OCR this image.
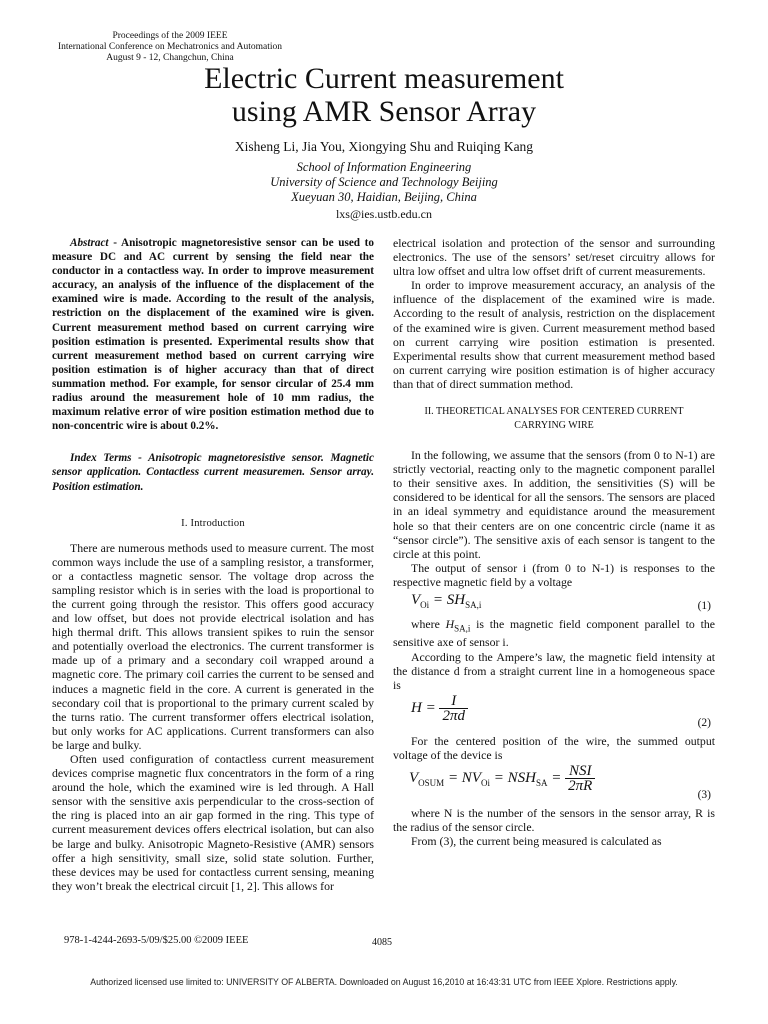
Proceedings of the 2009 IEEE
International Conference on Mechatronics and Automation
August 9 - 12, Changchun, China
Electric Current measurement
using AMR Sensor Array
Xisheng Li, Jia You, Xiongying Shu and Ruiqing Kang
School of Information Engineering
University of Science and Technology Beijing
Xueyuan 30, Haidian, Beijing, China
lxs@ies.ustb.edu.cn

Abstract - Anisotropic magnetoresistive sensor can be used to measure DC and AC current by sensing the field near the conductor in a contactless way. In order to improve measurement accuracy, an analysis of the influence of the displacement of the examined wire is made. According to the result of the analysis, restriction on the displacement of the examined wire is given. Current measurement method based on current carrying wire position estimation is presented. Experimental results show that current measurement method based on current carrying wire position estimation is of higher accuracy than that of direct summation method. For example, for sensor circular of 25.4 mm radius around the measurement hole of 10 mm radius, the maximum relative error of wire position estimation method due to non-concentric wire is about 0.2%.

Index Terms - Anisotropic magnetoresistive sensor. Magnetic sensor application. Contactless current measuremen. Sensor array. Position estimation.

I. Introduction

There are numerous methods used to measure current. The most common ways include the use of a sampling resistor, a transformer, or a contactless magnetic sensor. The voltage drop across the sampling resistor which is in series with the load is proportional to the current going through the resistor. This offers good accuracy and low offset, but does not provide electrical isolation and has high thermal drift. This allows transient spikes to ruin the sensor and potentially overload the electronics. The current transformer is made up of a primary and a secondary coil wrapped around a magnetic core. The primary coil carries the current to be sensed and induces a magnetic field in the core. A current is generated in the secondary coil that is proportional to the primary current scaled by the turns ratio. The current transformer offers electrical isolation, but only works for AC applications. Current transformers can also be large and bulky.

Often used configuration of contactless current measurement devices comprise magnetic flux concentrators in the form of a ring around the hole, which the examined wire is led through. A Hall sensor with the sensitive axis perpendicular to the cross-section of the ring is placed into an air gap formed in the ring. This type of current measurement devices offers electrical isolation, but can also be large and bulky. Anisotropic Magneto-Resistive (AMR) sensors offer a high sensitivity, small size, solid state solution. Further, these devices may be used for contactless current sensing, meaning they won’t break the electrical circuit [1, 2]. This allows for

electrical isolation and protection of the sensor and surrounding electronics. The use of the sensors’ set/reset circuitry allows for ultra low offset and ultra low offset drift of current measurements.

In order to improve measurement accuracy, an analysis of the influence of the displacement of the examined wire is made. According to the result of analysis, restriction on the displacement of the examined wire is given. Current measurement method based on current carrying wire position estimation is presented. Experimental results show that current measurement method based on current carrying wire position estimation is of higher accuracy than that of direct summation method.

II. THEORETICAL ANALYSES FOR CENTERED CURRENT CARRYING WIRE

In the following, we assume that the sensors (from 0 to N-1) are strictly vectorial, reacting only to the magnetic component parallel to their sensitive axes. In addition, the sensitivities (S) will be considered to be identical for all the sensors. The sensors are placed in an ideal symmetry and equidistance around the measurement hole so that their centers are on one concentric circle (name it as “sensor circle”). The sensitive axis of each sensor is tangent to the circle at this point.

The output of sensor i (from 0 to N-1) is responses to the respective magnetic field by a voltage

$V_{Oi} = SH_{SA,i}$	(1)

where $H_{SA,i}$ is the magnetic field component parallel to the sensitive axe of sensor i.

According to the Ampere’s law, the magnetic field intensity at the distance d from a straight current line in a homogeneous space is

$H = \frac{I}{2\pi d}$	(2)

For the centered position of the wire, the summed output voltage of the device is

$V_{OSUM} = NV_{Oi} = NSH_{SA} = \frac{\text{NSI}}{2\pi R}$
(3)

where N is the number of the sensors in the sensor array, R is the radius of the sensor circle.

From (3), the current being measured is calculated as

978-1-4244-2693-5/09/$25.00 ©2009 IEEE	4085
Authorized licensed use limited to: UNIVERSITY OF ALBERTA. Downloaded on August 16,2010 at 16:43:31 UTC from IEEE Xplore. Restrictions apply.
